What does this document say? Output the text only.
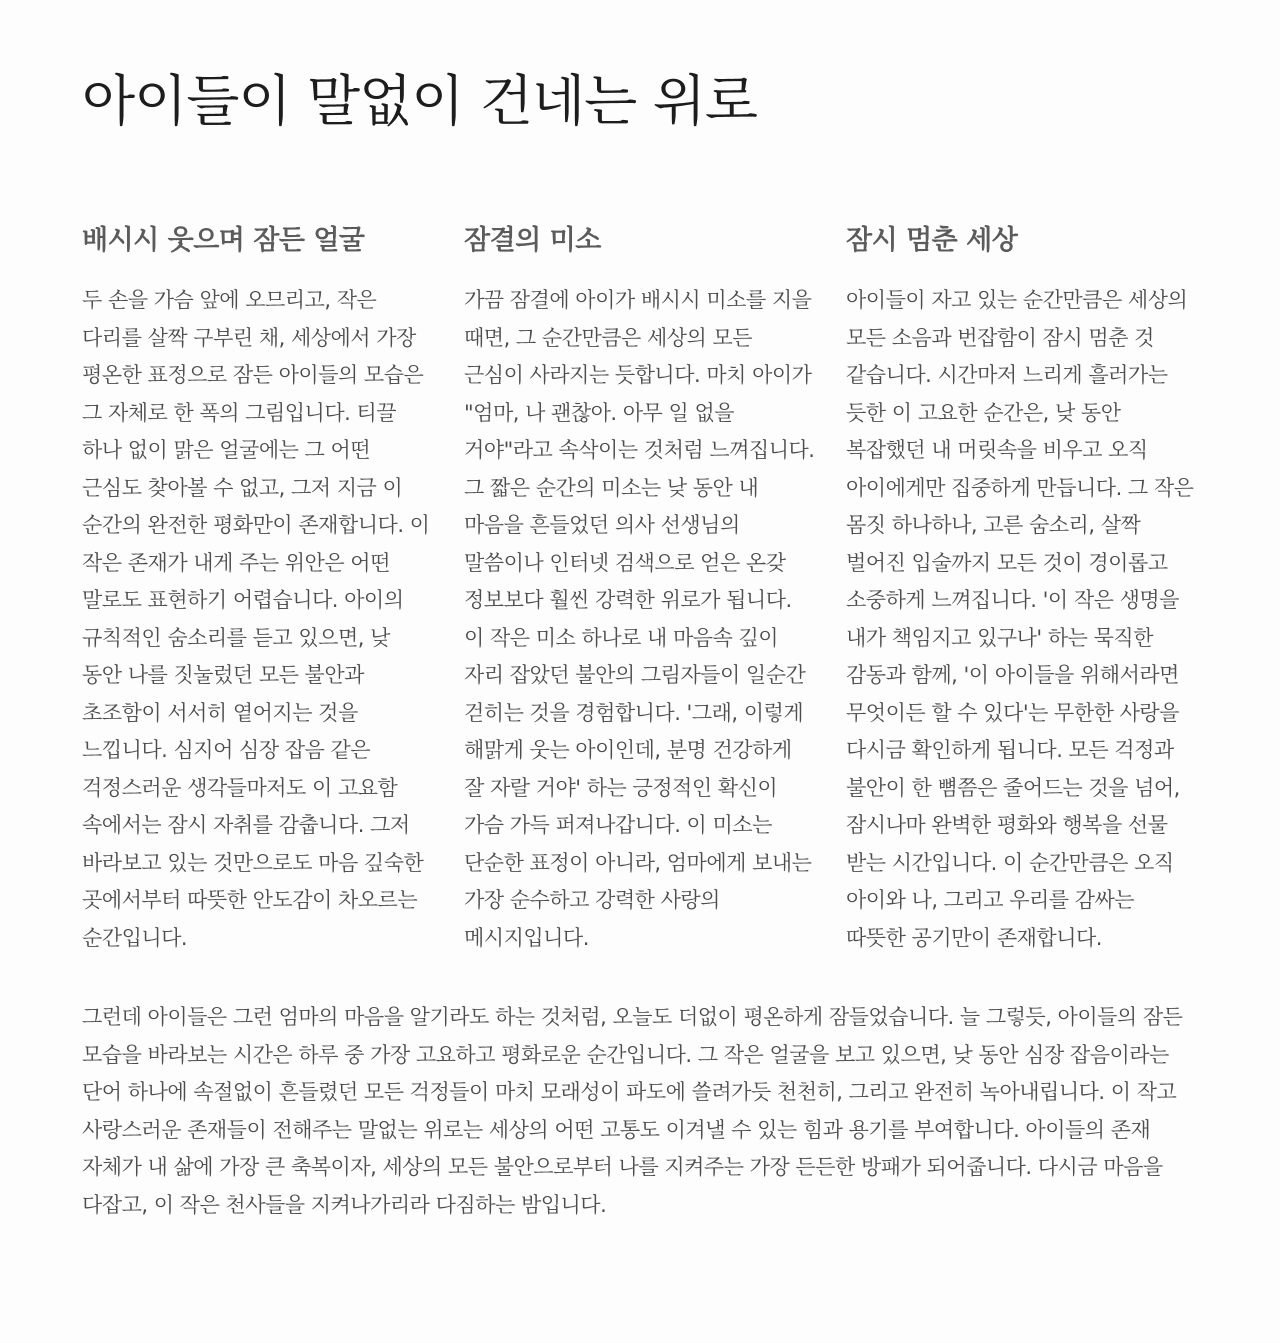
아이들이 말없이 건네는 위로
배시시 웃으며 잠든 얼굴

두 손을 가슴 앞에 오므리고, 작은 다리를 살짝 구부린 채, 세상에서 가장 평온한 표정으로 잠든 아이들의 모습은 그 자체로 한 폭의 그림입니다. 티끌 하나 없이 맑은 얼굴에는 그 어떤 근심도 찾아볼 수 없고, 그저 지금 이 순간의 완전한 평화만이 존재합니다. 이 작은 존재가 내게 주는 위안은 어떤 말로도 표현하기 어렵습니다. 아이의 규칙적인 숨소리를 듣고 있으면, 낮 동안 나를 짓눌렀던 모든 불안과 초조함이 서서히 옅어지는 것을 느낍니다. 심지어 심장 잡음 같은 걱정스러운 생각들마저도 이 고요함 속에서는 잠시 자취를 감춥니다. 그저 바라보고 있는 것만으로도 마음 깊숙한 곳에서부터 따뜻한 안도감이 차오르는 순간입니다.

잠결의 미소

가끔 잠결에 아이가 배시시 미소를 지을 때면, 그 순간만큼은 세상의 모든 근심이 사라지는 듯합니다. 마치 아이가 "엄마, 나 괜찮아. 아무 일 없을 거야"라고 속삭이는 것처럼 느껴집니다. 그 짧은 순간의 미소는 낮 동안 내 마음을 흔들었던 의사 선생님의 말씀이나 인터넷 검색으로 얻은 온갖 정보보다 훨씬 강력한 위로가 됩니다. 이 작은 미소 하나로 내 마음속 깊이 자리 잡았던 불안의 그림자들이 일순간 걷히는 것을 경험합니다. '그래, 이렇게 해맑게 웃는 아이인데, 분명 건강하게 잘 자랄 거야' 하는 긍정적인 확신이 가슴 가득 퍼져나갑니다. 이 미소는 단순한 표정이 아니라, 엄마에게 보내는 가장 순수하고 강력한 사랑의 메시지입니다.

잠시 멈춘 세상

아이들이 자고 있는 순간만큼은 세상의 모든 소음과 번잡함이 잠시 멈춘 것 같습니다. 시간마저 느리게 흘러가는 듯한 이 고요한 순간은, 낮 동안 복잡했던 내 머릿속을 비우고 오직 아이에게만 집중하게 만듭니다. 그 작은 몸짓 하나하나, 고른 숨소리, 살짝 벌어진 입술까지 모든 것이 경이롭고 소중하게 느껴집니다. '이 작은 생명을 내가 책임지고 있구나' 하는 묵직한 감동과 함께, '이 아이들을 위해서라면 무엇이든 할 수 있다'는 무한한 사랑을 다시금 확인하게 됩니다. 모든 걱정과 불안이 한 뼘쯤은 줄어드는 것을 넘어, 잠시나마 완벽한 평화와 행복을 선물 받는 시간입니다. 이 순간만큼은 오직 아이와 나, 그리고 우리를 감싸는 따뜻한 공기만이 존재합니다.

그런데 아이들은 그런 엄마의 마음을 알기라도 하는 것처럼, 오늘도 더없이 평온하게 잠들었습니다. 늘 그렇듯, 아이들의 잠든 모습을 바라보는 시간은 하루 중 가장 고요하고 평화로운 순간입니다. 그 작은 얼굴을 보고 있으면, 낮 동안 심장 잡음이라는 단어 하나에 속절없이 흔들렸던 모든 걱정들이 마치 모래성이 파도에 쓸려가듯 천천히, 그리고 완전히 녹아내립니다. 이 작고 사랑스러운 존재들이 전해주는 말없는 위로는 세상의 어떤 고통도 이겨낼 수 있는 힘과 용기를 부여합니다. 아이들의 존재 자체가 내 삶에 가장 큰 축복이자, 세상의 모든 불안으로부터 나를 지켜주는 가장 든든한 방패가 되어줍니다. 다시금 마음을 다잡고, 이 작은 천사들을 지켜나가리라 다짐하는 밤입니다.
